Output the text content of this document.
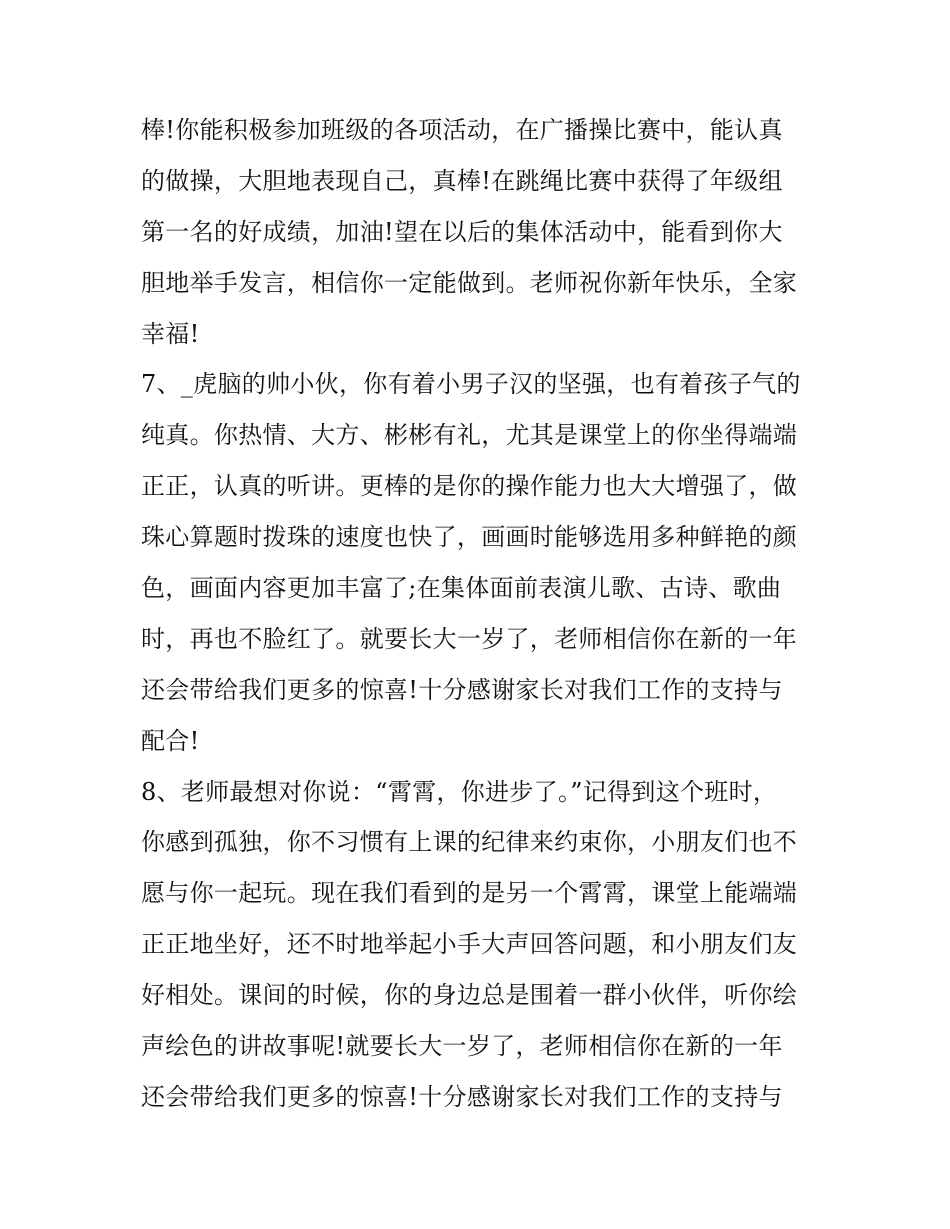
棒!你能积极参加班级的各项活动，在广播操比赛中，能认真
的做操，大胆地表现自己，真棒!在跳绳比赛中获得了年级组
第一名的好成绩，加油!望在以后的集体活动中，能看到你大
胆地举手发言，相信你一定能做到。老师祝你新年快乐，全家
幸福!
7、_虎脑的帅小伙，你有着小男子汉的坚强，也有着孩子气的
纯真。你热情、大方、彬彬有礼，尤其是课堂上的你坐得端端
正正，认真的听讲。更棒的是你的操作能力也大大增强了，做
珠心算题时拨珠的速度也快了，画画时能够选用多种鲜艳的颜
色，画面内容更加丰富了;在集体面前表演儿歌、古诗、歌曲
时，再也不脸红了。就要长大一岁了，老师相信你在新的一年
还会带给我们更多的惊喜!十分感谢家长对我们工作的支持与
配合!
8、老师最想对你说：“霄霄，你进步了。”记得到这个班时，
你感到孤独，你不习惯有上课的纪律来约束你，小朋友们也不
愿与你一起玩。现在我们看到的是另一个霄霄，课堂上能端端
正正地坐好，还不时地举起小手大声回答问题，和小朋友们友
好相处。课间的时候，你的身边总是围着一群小伙伴，听你绘
声绘色的讲故事呢!就要长大一岁了，老师相信你在新的一年
还会带给我们更多的惊喜!十分感谢家长对我们工作的支持与
